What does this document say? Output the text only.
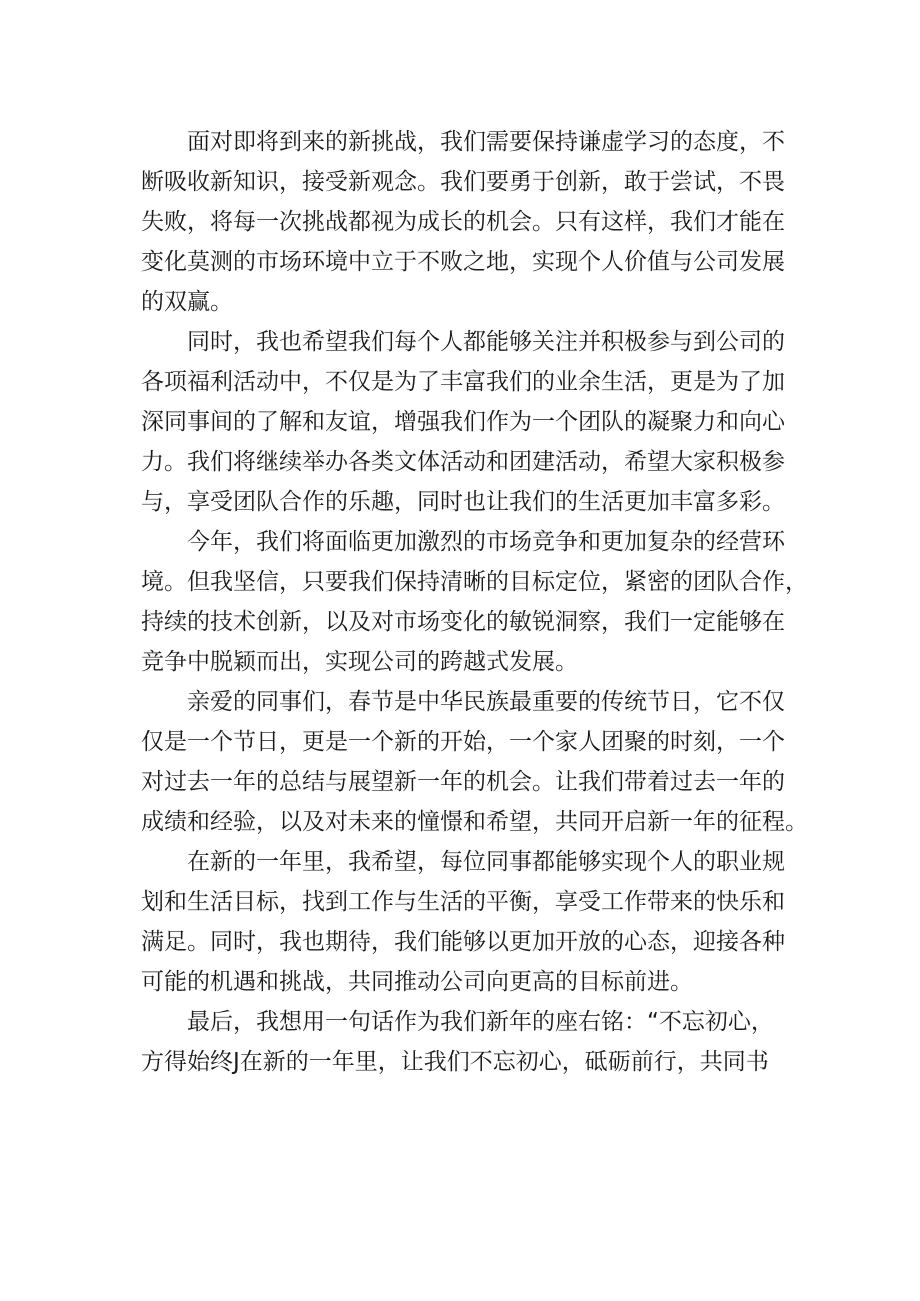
面对即将到来的新挑战，我们需要保持谦虚学习的态度，不
断吸收新知识，接受新观念。我们要勇于创新，敢于尝试，不畏
失败，将每一次挑战都视为成长的机会。只有这样，我们才能在
变化莫测的市场环境中立于不败之地，实现个人价值与公司发展
的双赢。
同时，我也希望我们每个人都能够关注并积极参与到公司的
各项福利活动中，不仅是为了丰富我们的业余生活，更是为了加
深同事间的了解和友谊，增强我们作为一个团队的凝聚力和向心
力。我们将继续举办各类文体活动和团建活动，希望大家积极参
与，享受团队合作的乐趣，同时也让我们的生活更加丰富多彩。
今年，我们将面临更加激烈的市场竞争和更加复杂的经营环
境。但我坚信，只要我们保持清晰的目标定位，紧密的团队合作，
持续的技术创新，以及对市场变化的敏锐洞察，我们一定能够在
竞争中脱颖而出，实现公司的跨越式发展。
亲爱的同事们，春节是中华民族最重要的传统节日，它不仅
仅是一个节日，更是一个新的开始，一个家人团聚的时刻，一个
对过去一年的总结与展望新一年的机会。让我们带着过去一年的
成绩和经验，以及对未来的憧憬和希望，共同开启新一年的征程。
在新的一年里，我希望，每位同事都能够实现个人的职业规
划和生活目标，找到工作与生活的平衡，享受工作带来的快乐和
满足。同时，我也期待，我们能够以更加开放的心态，迎接各种
可能的机遇和挑战，共同推动公司向更高的目标前进。
最后，我想用一句话作为我们新年的座右铭：“不忘初心，
方得始终J在新的一年里，让我们不忘初心，砥砺前行，共同书
